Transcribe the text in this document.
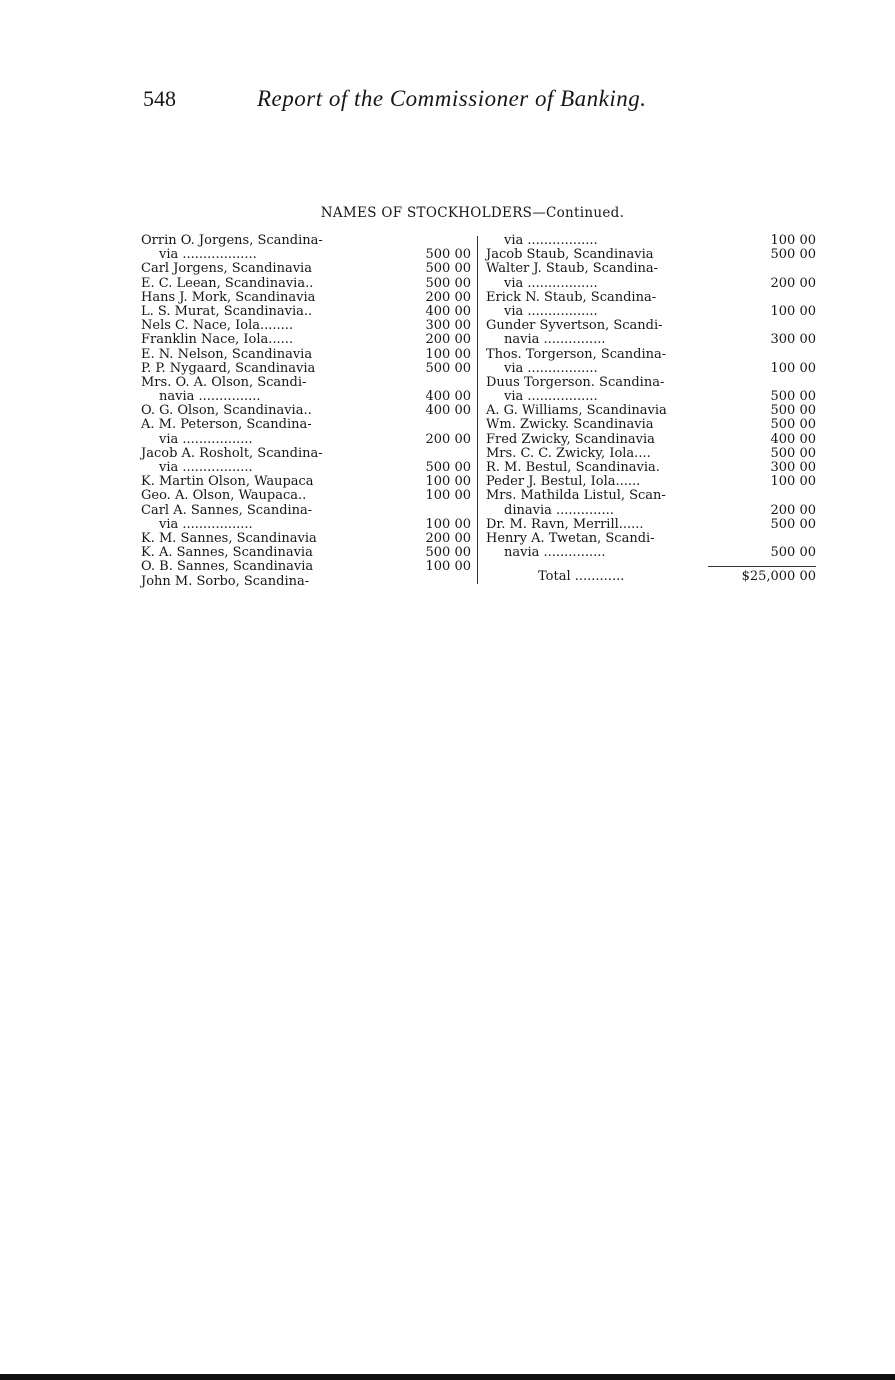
548	Report of the Commissioner of Banking.
NAMES OF STOCKHOLDERS—Continued.
Orrin O. Jorgens, Scandina-
via ..................	500 00
Carl Jorgens, Scandinavia	500 00
E. C. Leean, Scandinavia..	500 00
Hans J. Mork, Scandinavia	200 00
L. S. Murat, Scandinavia..	400 00
Nels C. Nace, Iola........	300 00
Franklin Nace, Iola......	200 00
E. N. Nelson, Scandinavia	100 00
P. P. Nygaard, Scandinavia	500 00
Mrs. O. A. Olson, Scandi-
navia ...............	400 00
O. G. Olson, Scandinavia..	400 00
A. M. Peterson, Scandina-
via .................	200 00
Jacob A. Rosholt, Scandina-
via .................	500 00
K. Martin Olson, Waupaca	100 00
Geo. A. Olson, Waupaca..	100 00
Carl A. Sannes, Scandina-
via .................	100 00
K. M. Sannes, Scandinavia	200 00
K. A. Sannes, Scandinavia	500 00
O. B. Sannes, Scandinavia	100 00
John M. Sorbo, Scandina-
via .................	100 00
Jacob Staub, Scandinavia	500 00
Walter J. Staub, Scandina-
via .................	200 00
Erick N. Staub, Scandina-
via .................	100 00
Gunder Syvertson, Scandi-
navia ...............	300 00
Thos. Torgerson, Scandina-
via .................	100 00
Duus Torgerson. Scandina-
via .................	500 00
A. G. Williams, Scandinavia	500 00
Wm. Zwicky. Scandinavia	500 00
Fred Zwicky, Scandinavia	400 00
Mrs. C. C. Zwicky, Iola....	500 00
R. M. Bestul, Scandinavia.	300 00
Peder J. Bestul, Iola......	100 00
Mrs. Mathilda Listul, Scan-
dinavia ..............	200 00
Dr. M. Ravn, Merrill......	500 00
Henry A. Twetan, Scandi-
navia ...............	500 00
Total ............	$25,000 00
